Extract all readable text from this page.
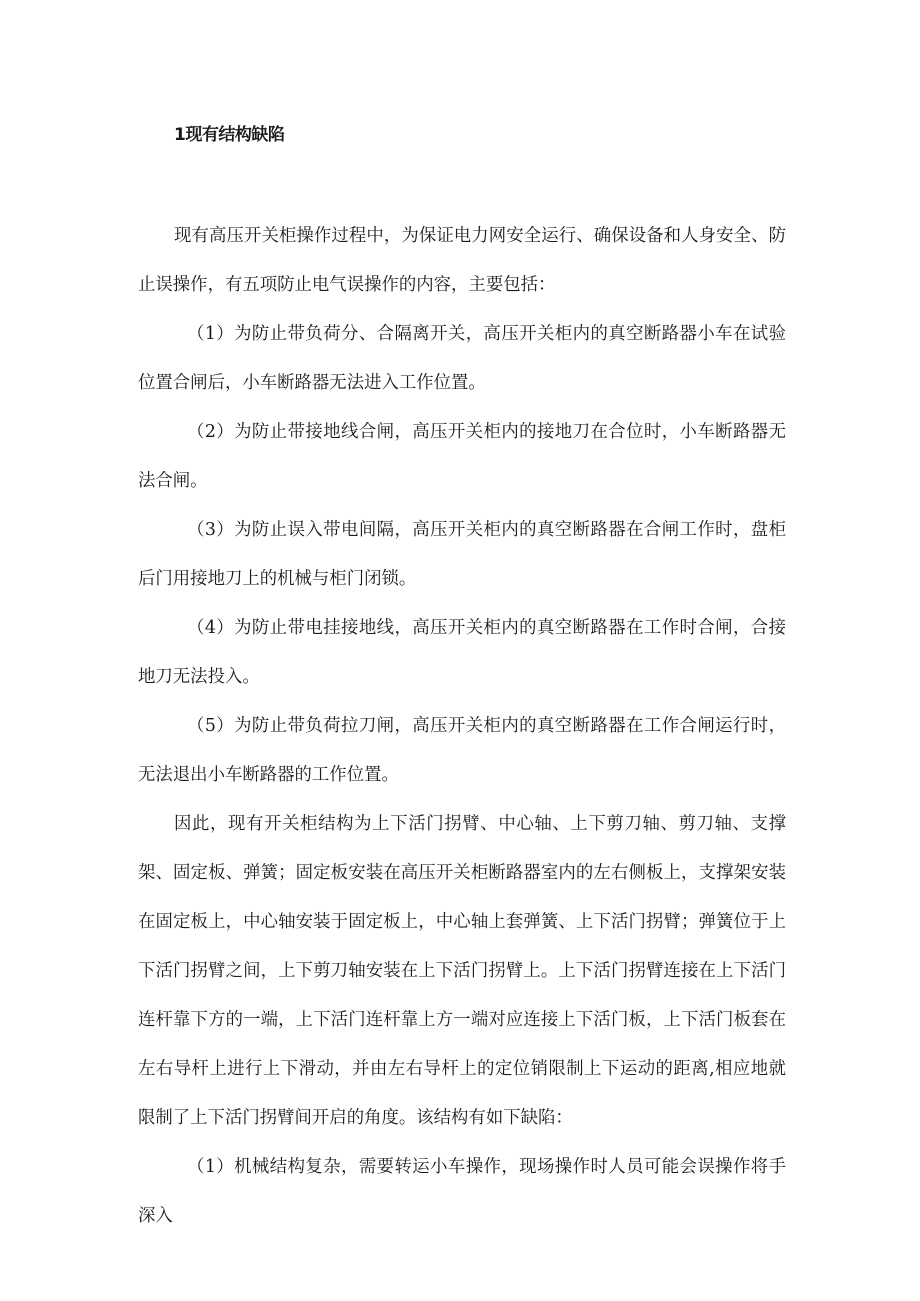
1现有结构缺陷

现有高压开关柜操作过程中，为保证电力网安全运行、确保设备和人身安全、防止误操作，有五项防止电气误操作的内容，主要包括：

（1）为防止带负荷分、合隔离开关，高压开关柜内的真空断路器小车在试验位置合闸后，小车断路器无法进入工作位置。

（2）为防止带接地线合闸，高压开关柜内的接地刀在合位时，小车断路器无法合闸。

（3）为防止误入带电间隔，高压开关柜内的真空断路器在合闸工作时，盘柜后门用接地刀上的机械与柜门闭锁。

（4）为防止带电挂接地线，高压开关柜内的真空断路器在工作时合闸，合接地刀无法投入。

（5）为防止带负荷拉刀闸，高压开关柜内的真空断路器在工作合闸运行时，无法退出小车断路器的工作位置。

因此，现有开关柜结构为上下活门拐臂、中心轴、上下剪刀轴、剪刀轴、支撑架、固定板、弹簧；固定板安装在高压开关柜断路器室内的左右侧板上，支撑架安装在固定板上，中心轴安装于固定板上，中心轴上套弹簧、上下活门拐臂；弹簧位于上下活门拐臂之间，上下剪刀轴安装在上下活门拐臂上。上下活门拐臂连接在上下活门连杆靠下方的一端，上下活门连杆靠上方一端对应连接上下活门板，上下活门板套在左右导杆上进行上下滑动，并由左右导杆上的定位销限制上下运动的距离,相应地就限制了上下活门拐臂间开启的角度。该结构有如下缺陷：

（1）机械结构复杂，需要转运小车操作，现场操作时人员可能会误操作将手深入
